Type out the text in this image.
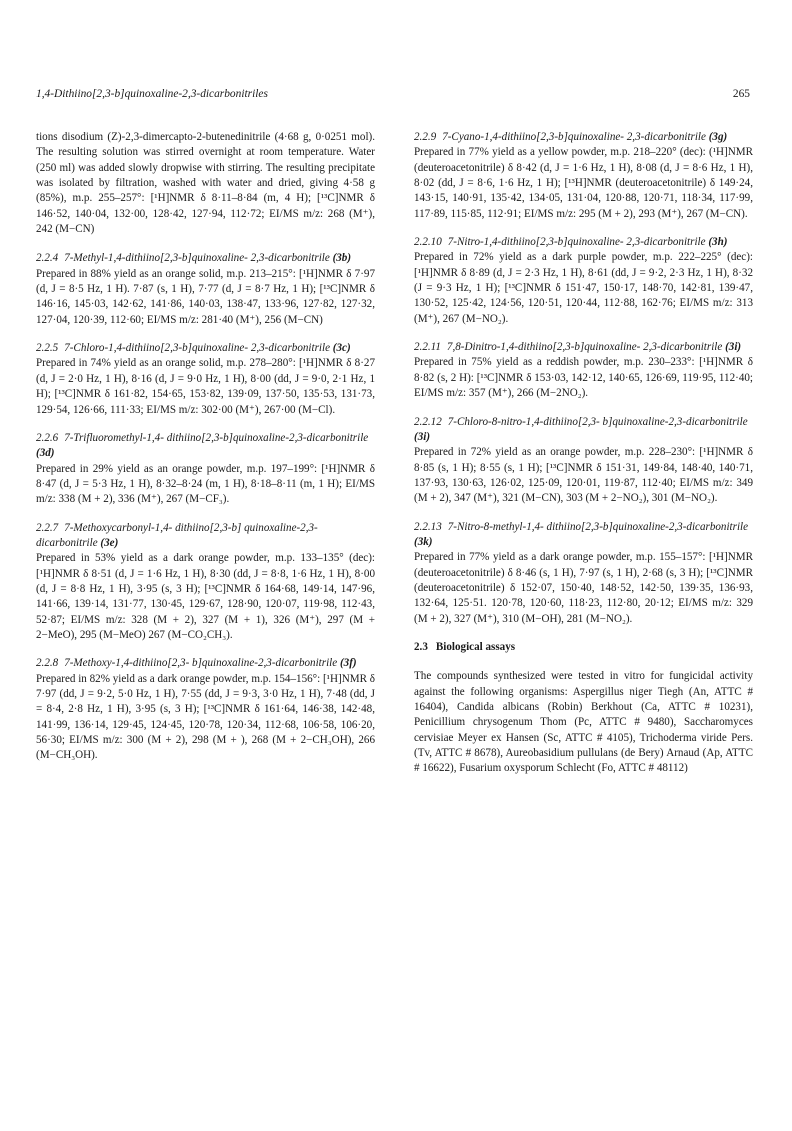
1,4-Dithiino[2,3-b]quinoxaline-2,3-dicarbonitriles	265

tions disodium (Z)-2,3-dimercapto-2-butenedinitrile (4·68 g, 0·0251 mol). The resulting solution was stirred overnight at room temperature. Water (250 ml) was added slowly dropwise with stirring. The resulting precipitate was isolated by filtration, washed with water and dried, giving 4·58 g (85%), m.p. 255–257°: [¹H]NMR δ 8·11–8·84 (m, 4 H); [¹³C]NMR δ 146·52, 140·04, 132·00, 128·42, 127·94, 112·72; EI/MS m/z: 268 (M⁺), 242 (M−CN)

2.2.4 7-Methyl-1,4-dithiino[2,3-b]quinoxaline- 2,3-dicarbonitrile (3b)

Prepared in 88% yield as an orange solid, m.p. 213–215°: [¹H]NMR δ 7·97 (d, J = 8·5 Hz, 1 H). 7·87 (s, 1 H), 7·77 (d, J = 8·7 Hz, 1 H); [¹³C]NMR δ 146·16, 145·03, 142·62, 141·86, 140·03, 138·47, 133·96, 127·82, 127·32, 127·04, 120·39, 112·60; EI/MS m/z: 281·40 (M⁺), 256 (M−CN)

2.2.5 7-Chloro-1,4-dithiino[2,3-b]quinoxaline- 2,3-dicarbonitrile (3c)

Prepared in 74% yield as an orange solid, m.p. 278–280°: [¹H]NMR δ 8·27 (d, J = 2·0 Hz, 1 H), 8·16 (d, J = 9·0 Hz, 1 H), 8·00 (dd, J = 9·0, 2·1 Hz, 1 H); [¹³C]NMR δ 161·82, 154·65, 153·82, 139·09, 137·50, 135·53, 131·73, 129·54, 126·66, 111·33; EI/MS m/z: 302·00 (M⁺), 267·00 (M−Cl).

2.2.6 7-Trifluoromethyl-1,4- dithiino[2,3-b]quinoxaline-2,3-dicarbonitrile (3d)

Prepared in 29% yield as an orange powder, m.p. 197–199°: [¹H]NMR δ 8·47 (d, J = 5·3 Hz, 1 H), 8·32–8·24 (m, 1 H), 8·18–8·11 (m, 1 H); EI/MS m/z: 338 (M + 2), 336 (M⁺), 267 (M−CF₃).

2.2.7 7-Methoxycarbonyl-1,4- dithiino[2,3-b] quinoxaline-2,3-dicarbonitrile (3e)

Prepared in 53% yield as a dark orange powder, m.p. 133–135° (dec): [¹H]NMR δ 8·51 (d, J = 1·6 Hz, 1 H), 8·30 (dd, J = 8·8, 1·6 Hz, 1 H), 8·00 (d, J = 8·8 Hz, 1 H), 3·95 (s, 3 H); [¹³C]NMR δ 164·68, 149·14, 147·96, 141·66, 139·14, 131·77, 130·45, 129·67, 128·90, 120·07, 119·98, 112·43, 52·87; EI/MS m/z: 328 (M + 2), 327 (M + 1), 326 (M⁺), 297 (M + 2−MeO), 295 (M−MeO) 267 (M−CO₂CH₃).

2.2.8 7-Methoxy-1,4-dithiino[2,3- b]quinoxaline-2,3-dicarbonitrile (3f)

Prepared in 82% yield as a dark orange powder, m.p. 154–156°: [¹H]NMR δ 7·97 (dd, J = 9·2, 5·0 Hz, 1 H), 7·55 (dd, J = 9·3, 3·0 Hz, 1 H), 7·48 (dd, J = 8·4, 2·8 Hz, 1 H), 3·95 (s, 3 H); [¹³C]NMR δ 161·64, 146·38, 142·48, 141·99, 136·14, 129·45, 124·45, 120·78, 120·34, 112·68, 106·58, 106·20, 56·30; EI/MS m/z: 300 (M + 2), 298 (M + ), 268 (M + 2−CH₃OH), 266 (M−CH₃OH).

2.2.9 7-Cyano-1,4-dithiino[2,3-b]quinoxaline- 2,3-dicarbonitrile (3g)

Prepared in 77% yield as a yellow powder, m.p. 218–220° (dec): (¹H]NMR (deuteroacetonitrile) δ 8·42 (d, J = 1·6 Hz, 1 H), 8·08 (d, J = 8·6 Hz, 1 H), 8·02 (dd, J = 8·6, 1·6 Hz, 1 H); [¹³H]NMR (deuteroacetonitrile) δ 149·24, 143·15, 140·91, 135·42, 134·05, 131·04, 120·88, 120·71, 118·34, 117·99, 117·89, 115·85, 112·91; EI/MS m/z: 295 (M + 2), 293 (M⁺), 267 (M−CN).

2.2.10 7-Nitro-1,4-dithiino[2,3-b]quinoxaline- 2,3-dicarbonitrile (3h)

Prepared in 72% yield as a dark purple powder, m.p. 222–225° (dec): [¹H]NMR δ 8·89 (d, J = 2·3 Hz, 1 H), 8·61 (dd, J = 9·2, 2·3 Hz, 1 H), 8·32 (J = 9·3 Hz, 1 H); [¹³C]NMR δ 151·47, 150·17, 148·70, 142·81, 139·47, 130·52, 125·42, 124·56, 120·51, 120·44, 112·88, 162·76; EI/MS m/z: 313 (M⁺), 267 (M−NO₂).

2.2.11 7,8-Dinitro-1,4-dithiino[2,3-b]quinoxaline- 2,3-dicarbonitrile (3i)

Prepared in 75% yield as a reddish powder, m.p. 230–233°: [¹H]NMR δ 8·82 (s, 2 H): [¹³C]NMR δ 153·03, 142·12, 140·65, 126·69, 119·95, 112·40; EI/MS m/z: 357 (M⁺), 266 (M−2NO₂).

2.2.12 7-Chloro-8-nitro-1,4-dithiino[2,3- b]quinoxaline-2,3-dicarbonitrile (3i)

Prepared in 72% yield as an orange powder, m.p. 228–230°: [¹H]NMR δ 8·85 (s, 1 H); 8·55 (s, 1 H); [¹³C]NMR δ 151·31, 149·84, 148·40, 140·71, 137·93, 130·63, 126·02, 125·09, 120·01, 119·87, 112·40; EI/MS m/z: 349 (M + 2), 347 (M⁺), 321 (M−CN), 303 (M + 2−NO₂), 301 (M−NO₂).

2.2.13 7-Nitro-8-methyl-1,4- dithiino[2,3-b]quinoxaline-2,3-dicarbonitrile (3k)

Prepared in 77% yield as a dark orange powder, m.p. 155–157°: [¹H]NMR (deuteroacetonitrile) δ 8·46 (s, 1 H), 7·97 (s, 1 H), 2·68 (s, 3 H); [¹³C]NMR (deuteroacetonitrile) δ 152·07, 150·40, 148·52, 142·50, 139·35, 136·93, 132·64, 125·51. 120·78, 120·60, 118·23, 112·80, 20·12; EI/MS m/z: 329 (M + 2), 327 (M⁺), 310 (M−OH), 281 (M−NO₂).

2.3 Biological assays

The compounds synthesized were tested in vitro for fungicidal activity against the following organisms: Aspergillus niger Tiegh (An, ATTC # 16404), Candida albicans (Robin) Berkhout (Ca, ATTC # 10231), Penicillium chrysogenum Thom (Pc, ATTC # 9480), Saccharomyces cervisiae Meyer ex Hansen (Sc, ATTC # 4105), Trichoderma viride Pers. (Tv, ATTC # 8678), Aureobasidium pullulans (de Bery) Arnaud (Ap, ATTC # 16622), Fusarium oxysporum Schlecht (Fo, ATTC # 48112)
